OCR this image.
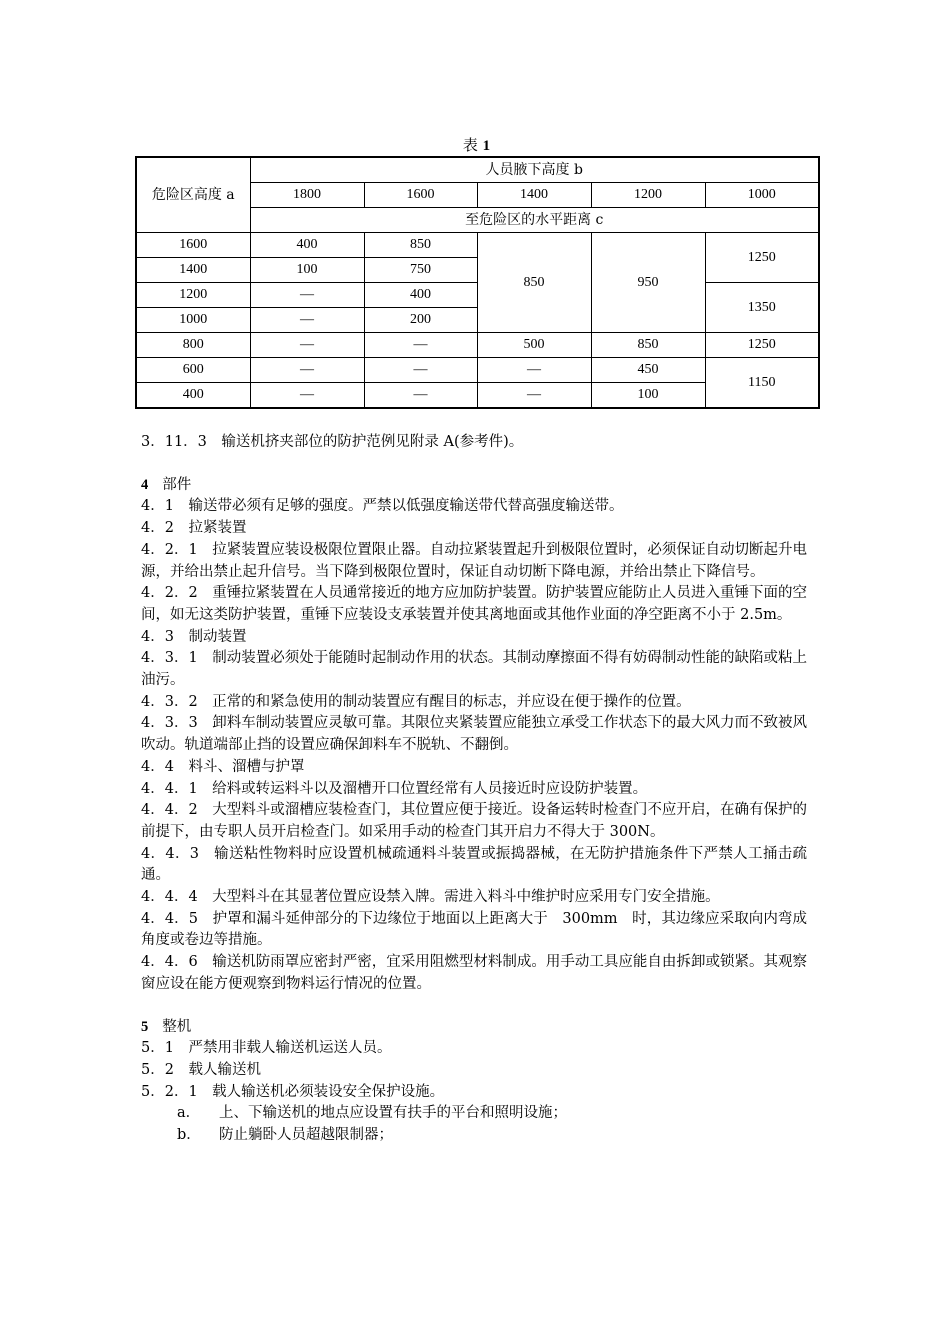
表 1
危险区高度 a	人员腋下高度 b				
	1800	1600	1400	1200	1000
	至危险区的水平距离 c				
1600	400	850	850	950	1250
1400	100	750			
1200	—	400			1350
1000	—	200			
800	—	—	500	850	1250
600	—	—	—	450	1150
400	—	—	—	100	

3．11．3　输送机挤夹部位的防护范例见附录 A(参考件)。

4 部件

4．1　输送带必须有足够的强度。严禁以低强度输送带代替高强度输送带。

4．2　拉紧装置

4．2．1　拉紧装置应装设极限位置限止器。自动拉紧装置起升到极限位置时，必须保证自动切断起升电源，并给出禁止起升信号。当下降到极限位置时，保证自动切断下降电源，并给出禁止下降信号。

4．2．2　重锤拉紧装置在人员通常接近的地方应加防护装置。防护装置应能防止人员进入重锤下面的空间，如无这类防护装置，重锤下应装设支承装置并使其离地面或其他作业面的净空距离不小于 2.5m。

4．3　制动装置

4．3．1　制动装置必须处于能随时起制动作用的状态。其制动摩擦面不得有妨碍制动性能的缺陷或粘上油污。

4．3．2　正常的和紧急使用的制动装置应有醒目的标志，并应设在便于操作的位置。

4．3．3　卸料车制动装置应灵敏可靠。其限位夹紧装置应能独立承受工作状态下的最大风力而不致被风吹动。轨道端部止挡的设置应确保卸料车不脱轨、不翻倒。

4．4　料斗、溜槽与护罩

4．4．1　给料或转运料斗以及溜槽开口位置经常有人员接近时应设防护装置。

4．4．2　大型料斗或溜槽应装检查门，其位置应便于接近。设备运转时检查门不应开启，在确有保护的前提下，由专职人员开启检查门。如采用手动的检查门其开启力不得大于 300N。

4．4．3　输送粘性物料时应设置机械疏通料斗装置或振捣器械，在无防护措施条件下严禁人工捅击疏通。

4．4．4　大型料斗在其显著位置应设禁入牌。需进入料斗中维护时应采用专门安全措施。

4．4．5　护罩和漏斗延伸部分的下边缘位于地面以上距离大于　300mm　时，其边缘应采取向内弯成角度或卷边等措施。

4．4．6　输送机防雨罩应密封严密，宜采用阻燃型材料制成。用手动工具应能自由拆卸或锁紧。其观察窗应设在能方便观察到物料运行情况的位置。

5 整机

5．1　严禁用非载人输送机运送人员。

5．2　载人输送机

5．2．1　载人输送机必须装设安全保护设施。

a． 上、下输送机的地点应设置有扶手的平台和照明设施；

b． 防止躺卧人员超越限制器；
